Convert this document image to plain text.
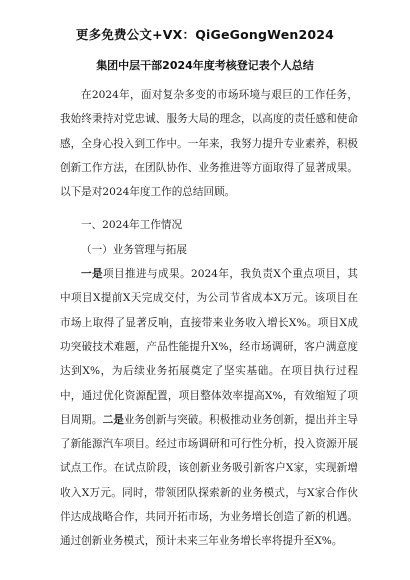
更多免费公文+VX：QiGeGongWen2024
集团中层干部2024年度考核登记表个人总结

在2024年，面对复杂多变的市场环境与艰巨的工作任务，我始终秉持对党忠诚、服务大局的理念，以高度的责任感和使命感，全身心投入到工作中。一年来，我努力提升专业素养，积极创新工作方法，在团队协作、业务推进等方面取得了显著成果。以下是对2024年度工作的总结回顾。

一、2024年工作情况

（一）业务管理与拓展

一是项目推进与成果。2024年，我负责X个重点项目，其中项目X提前X天完成交付，为公司节省成本X万元。该项目在市场上取得了显著反响，直接带来业务收入增长X%。项目X成功突破技术难题，产品性能提升X%，经市场调研，客户满意度达到X%，为后续业务拓展奠定了坚实基础。在项目执行过程中，通过优化资源配置，项目整体效率提高X%，有效缩短了项目周期。二是业务创新与突破。积极推动业务创新，提出并主导了新能源汽车项目。经过市场调研和可行性分析，投入资源开展试点工作。在试点阶段，该创新业务吸引新客户X家，实现新增收入X万元。同时，带领团队探索新的业务模式，与X家合作伙伴达成战略合作，共同开拓市场，为业务增长创造了新的机遇。通过创新业务模式，预计未来三年业务增长率将提升至X%。
